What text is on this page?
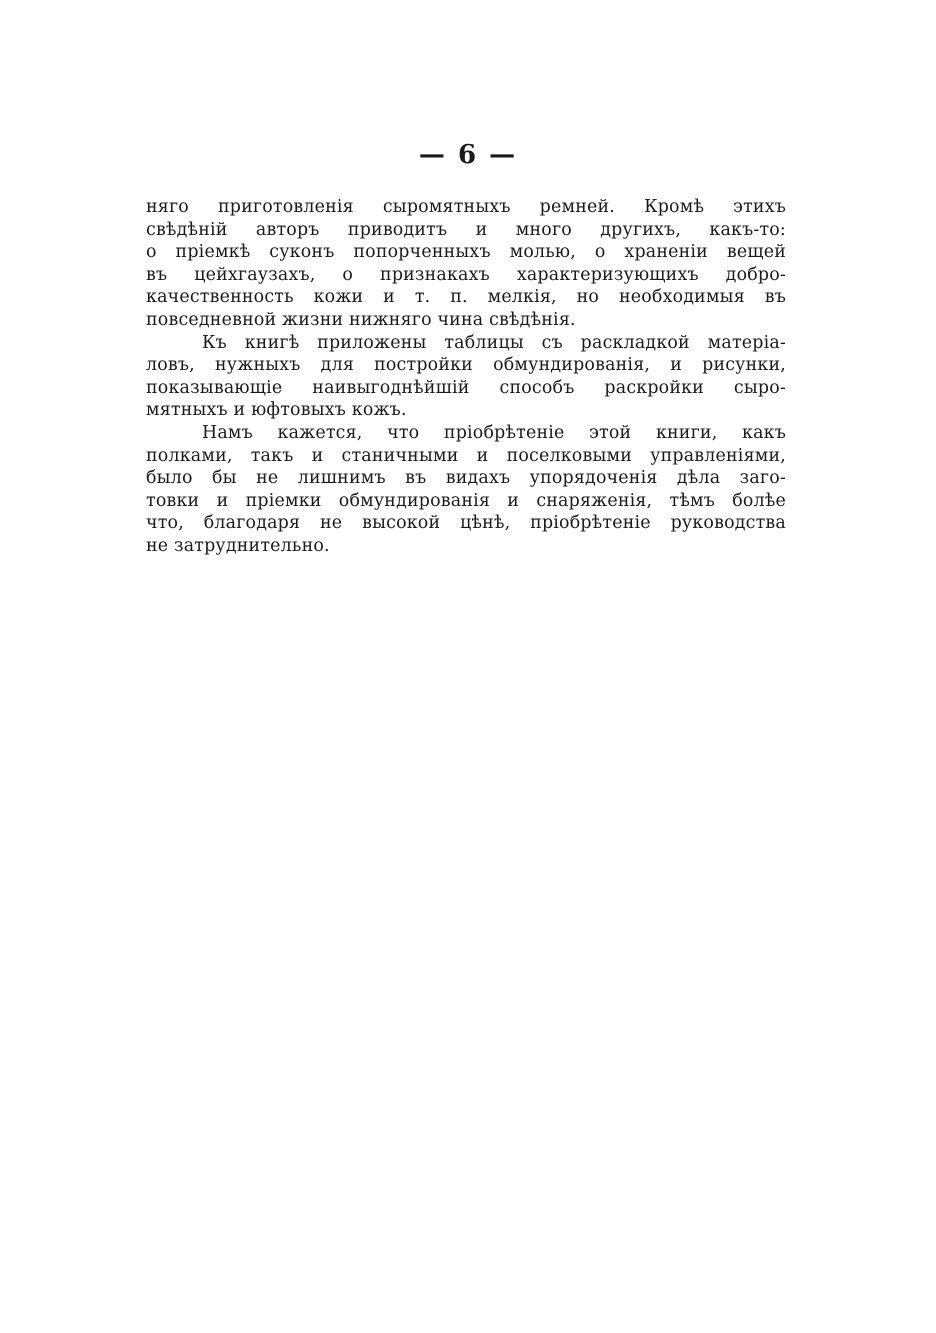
— 6 —
няго приготовленія сыромятныхъ ремней. Кромѣ этихъ
свѣдѣній авторъ приводитъ и много другихъ, какъ-то:
о пріемкѣ суконъ попорченныхъ молью, о храненіи вещей
въ цейхгаузахъ, о признакахъ характеризующихъ добро-
качественность кожи и т. п. мелкія, но необходимыя въ
повседневной жизни нижняго чина свѣдѣнія.
Къ книгѣ приложены таблицы съ раскладкой матеріа-
ловъ, нужныхъ для постройки обмундированія, и рисунки,
показывающіе наивыгоднѣйшій способъ раскройки сыро-
мятныхъ и юфтовыхъ кожъ.
Намъ кажется, что пріобрѣтеніе этой книги, какъ
полками, такъ и станичными и поселковыми управленіями,
было бы не лишнимъ въ видахъ упорядоченія дѣла заго-
товки и пріемки обмундированія и снаряженія, тѣмъ болѣе
что, благодаря не высокой цѣнѣ, пріобрѣтеніе руководства
не затруднительно.
